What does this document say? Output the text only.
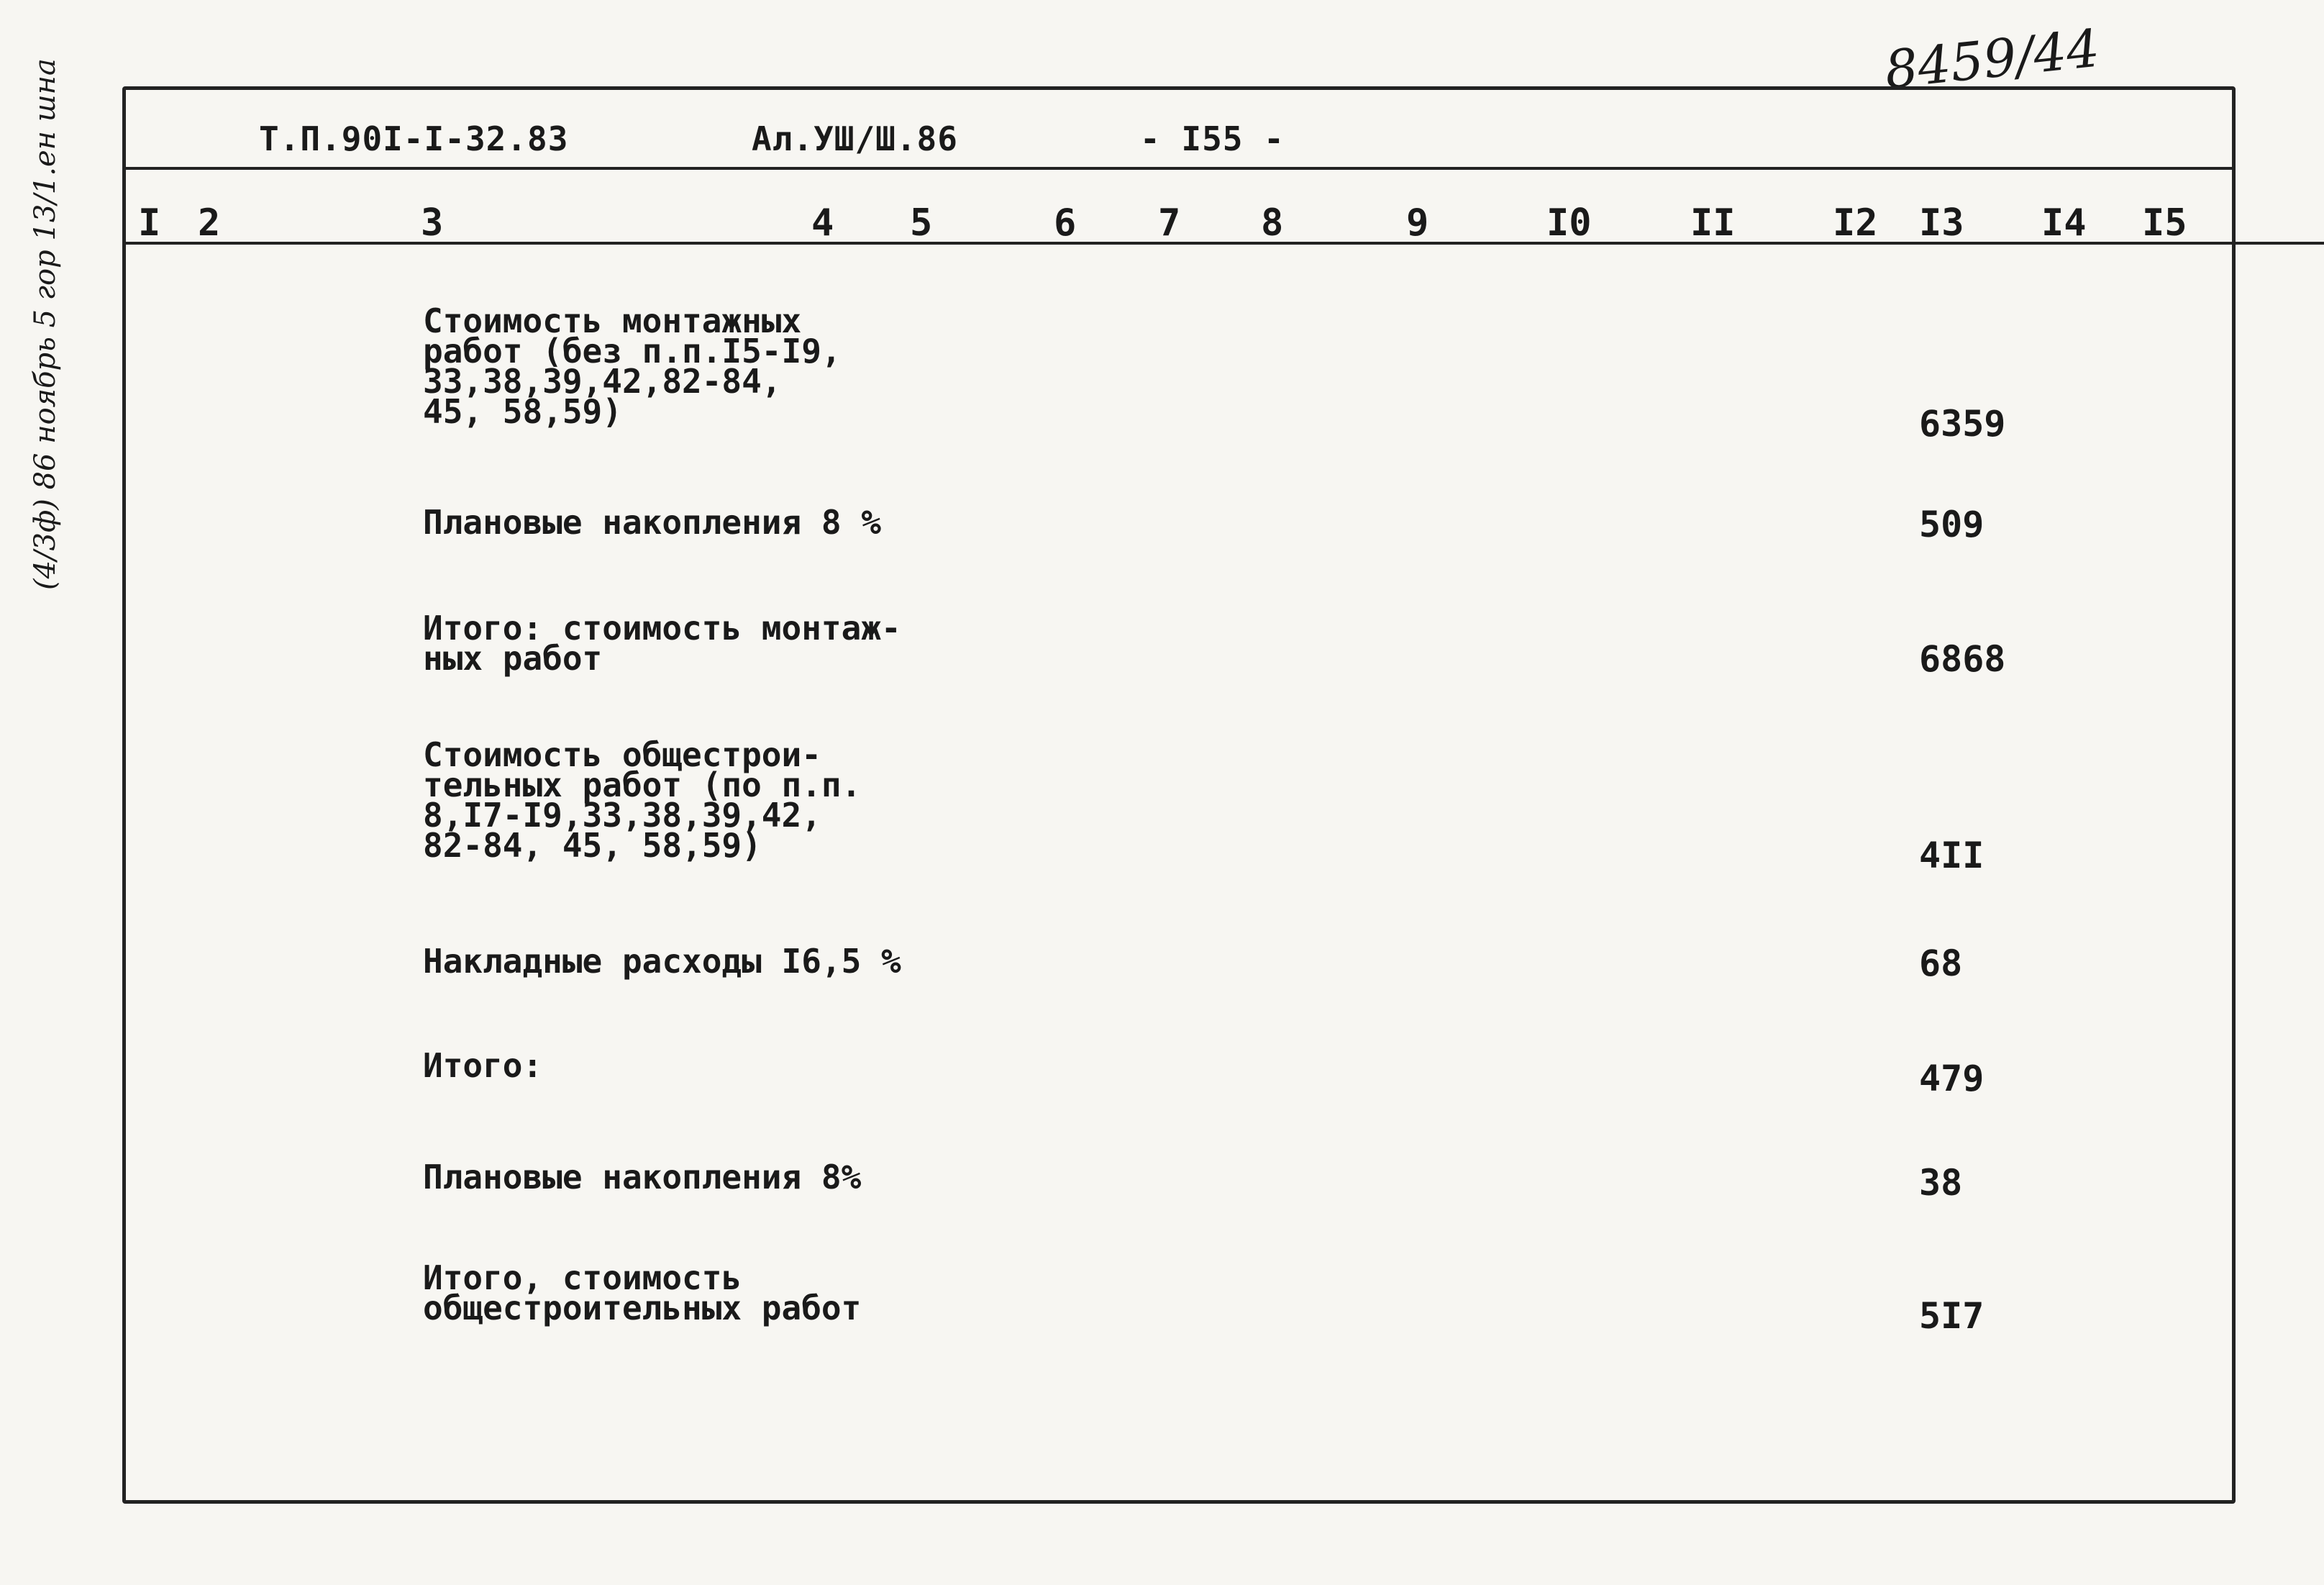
8459/44
(4/3ф) 86 ноябрь 5 гор 13/1.ен шна	Т.П.90I-I-32.83	Ал.УШ/Ш.86	- I55 -
I 2	3	4 5	6 7 8	9	I0	II	I2 I3 I4 I5
Стоимость монтажных
работ (без п.п.I5-I9,
33,38,39,42,82-84,
45, 58,59)	6359
Плановые накопления 8 %	509
Итого: стоимость монтаж-
ных работ	6868
Стоимость общестрои-
тельных работ (по п.п.
8,I7-I9,33,38,39,42,
82-84, 45, 58,59)	4II
Накладные расходы I6,5 %	68
Итого:	479
Плановые накопления 8%	38
Итого, стоимость
общестроительных работ	5I7
